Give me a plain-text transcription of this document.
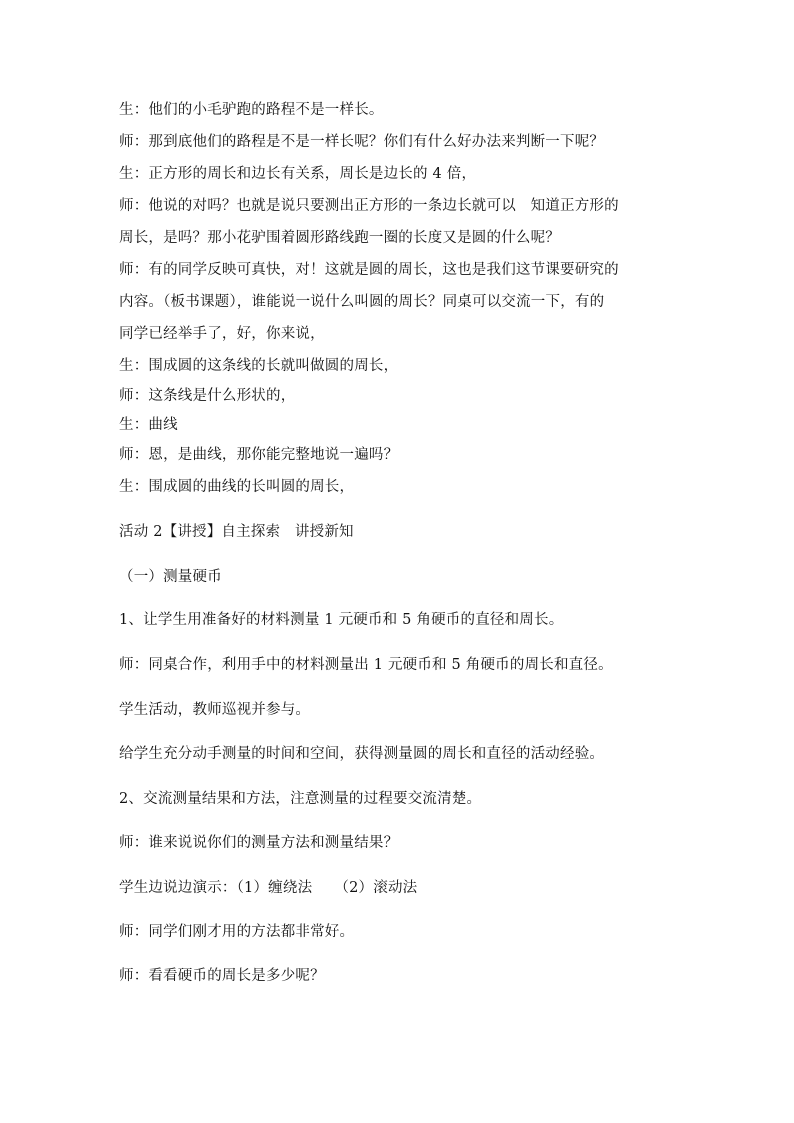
生：他们的小毛驴跑的路程不是一样长。
师：那到底他们的路程是不是一样长呢？你们有什么好办法来判断一下呢？
生：正方形的周长和边长有关系，周长是边长的 4 倍，
师：他说的对吗？也就是说只要测出正方形的一条边长就可以　知道正方形的
周长，是吗？那小花驴围着圆形路线跑一圈的长度又是圆的什么呢？
师：有的同学反映可真快，对！这就是圆的周长，这也是我们这节课要研究的
内容。（板书课题），谁能说一说什么叫圆的周长？同桌可以交流一下，有的
同学已经举手了，好，你来说，
生：围成圆的这条线的长就叫做圆的周长，
师：这条线是什么形状的，
生：曲线
师：恩，是曲线，那你能完整地说一遍吗？
生：围成圆的曲线的长叫圆的周长，
活动 2【讲授】自主探索　讲授新知
（一）测量硬币
1、让学生用准备好的材料测量 1 元硬币和 5 角硬币的直径和周长。
师：同桌合作，利用手中的材料测量出 1 元硬币和 5 角硬币的周长和直径。
学生活动，教师巡视并参与。
给学生充分动手测量的时间和空间，获得测量圆的周长和直径的活动经验。
2、交流测量结果和方法，注意测量的过程要交流清楚。
师：谁来说说你们的测量方法和测量结果？
学生边说边演示：（1）缠绕法　　（2）滚动法
师：同学们刚才用的方法都非常好。
师：看看硬币的周长是多少呢？
